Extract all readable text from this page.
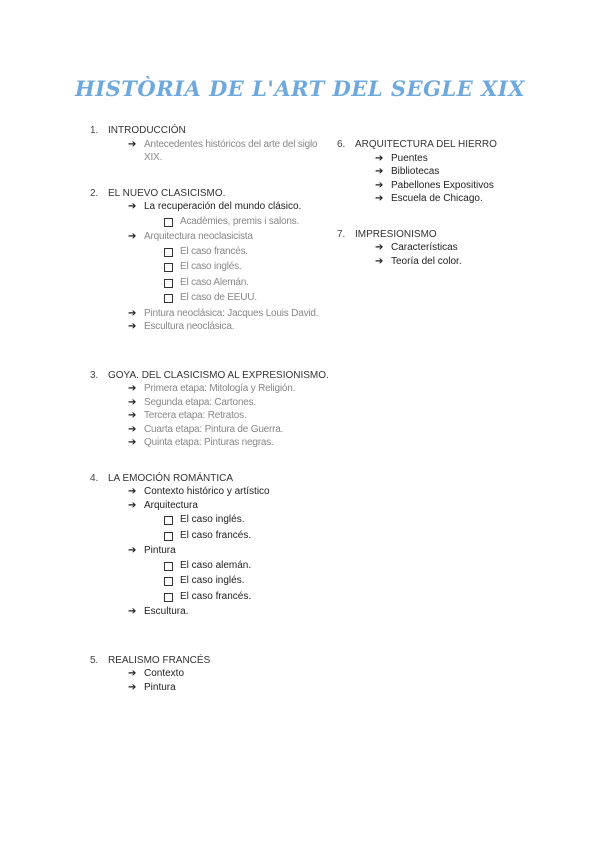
HISTÒRIA DE L'ART DEL SEGLE XIX
1. INTRODUCCIÓN
➔ Antecedentes históricos del arte del siglo XIX.
2. EL NUEVO CLASICISMO.
➔ La recuperación del mundo clásico.
Acadèmies, premis i salons.
➔ Arquitectura neoclasicista
El caso francés.
El caso inglés.
El caso Alemán.
El caso de EEUU.
➔ Pintura neoclásica: Jacques Louis David.
➔ Escultura neoclásica.
3. GOYA. DEL CLASICISMO AL EXPRESIONISMO.
➔ Primera etapa: Mitología y Religión.
➔ Segunda etapa: Cartones.
➔ Tercera etapa: Retratos.
➔ Cuarta etapa: Pintura de Guerra.
➔ Quinta etapa: Pinturas negras.
4. LA EMOCIÓN ROMÁNTICA
➔ Contexto histórico y artístico
➔ Arquitectura
El caso inglés.
El caso francés.
➔ Pintura
El caso alemán.
El caso inglés.
El caso francés.
➔ Escultura.
5. REALISMO FRANCÉS
➔ Contexto
➔ Pintura
6. ARQUITECTURA DEL HIERRO
➔ Puentes
➔ Bibliotecas
➔ Pabellones Expositivos
➔ Escuela de Chicago.
7. IMPRESIONISMO
➔ Características
➔ Teoría del color.
